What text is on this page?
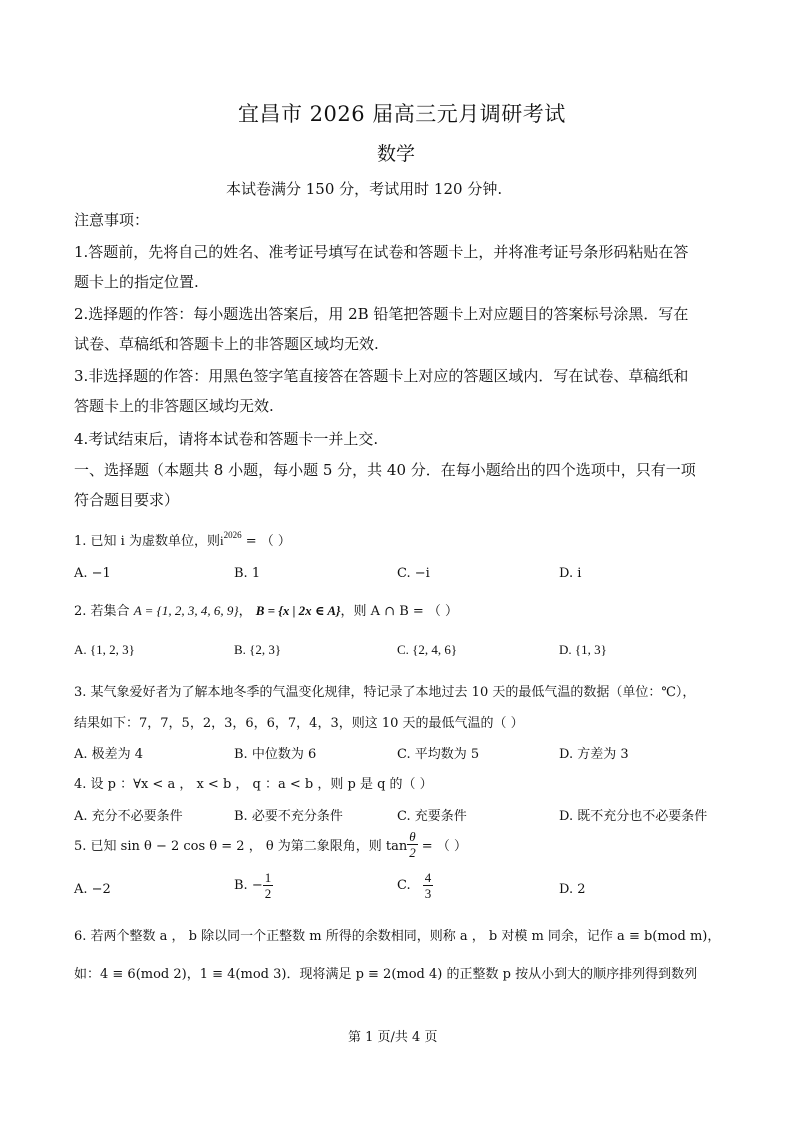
宜昌市 2026 届高三元月调研考试
数学
本试卷满分 150 分，考试用时 120 分钟.
注意事项：
1.答题前，先将自己的姓名、准考证号填写在试卷和答题卡上，并将准考证号条形码粘贴在答
题卡上的指定位置.
2.选择题的作答：每小题选出答案后，用 2B 铅笔把答题卡上对应题目的答案标号涂黑．写在
试卷、草稿纸和答题卡上的非答题区域均无效.
3.非选择题的作答：用黑色签字笔直接答在答题卡上对应的答题区域内．写在试卷、草稿纸和
答题卡上的非答题区域均无效.
4.考试结束后，请将本试卷和答题卡一并上交.
一、选择题（本题共 8 小题，每小题 5 分，共 40 分．在每小题给出的四个选项中，只有一项
符合题目要求）
1. 已知 i 为虚数单位，则$i^{2026}$ = （ ）
A. −1	B. 1	C. −i	D. i
2. 若集合 A = {1, 2, 3, 4, 6, 9}， B = {x | 2x ∈ A}，则 A ∩ B = （ ）
A. {1, 2, 3}	B. {2, 3}	C. {2, 4, 6}	D. {1, 3}
3. 某气象爱好者为了解本地冬季的气温变化规律，特记录了本地过去 10 天的最低气温的数据（单位：℃），
结果如下：7，7，5，2，3，6，6，7，4，3，则这 10 天的最低气温的（ ）
A. 极差为 4	B. 中位数为 6	C. 平均数为 5	D. 方差为 3
4. 设 p ：∀x < a ， x < b ， q ：a < b ，则 p 是 q 的（ ）
A. 充分不必要条件	B. 必要不充分条件	C. 充要条件	D. 既不充分也不必要条件
5. 已知 sin θ − 2 cos θ = 2 ， θ 为第二象限角，则 $\tan \frac{\theta}{2}$ = （ ）
A. −2	B. − $\frac{1}{2}$	C. $\frac{4}{3}$	D. 2
6. 若两个整数 a ， b 除以同一个正整数 m 所得的余数相同，则称 a ， b 对模 m 同余，记作 a ≡ b(mod m)，
如：4 ≡ 6(mod 2)，1 ≡ 4(mod 3)．现将满足 p ≡ 2(mod 4) 的正整数 p 按从小到大的顺序排列得到数列
第 1 页/共 4 页
